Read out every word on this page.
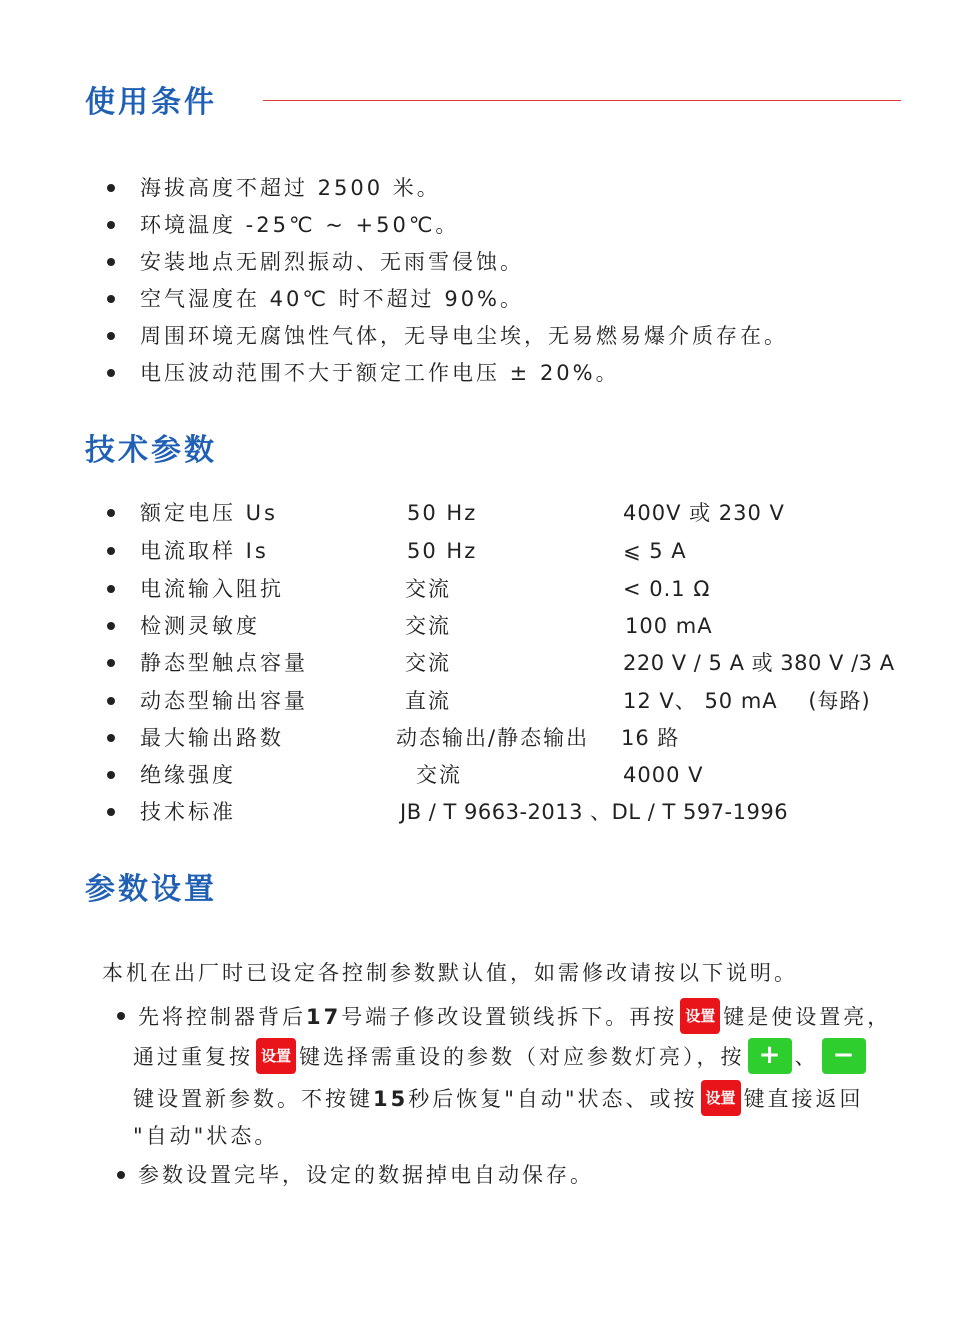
使用条件
海拔高度不超过 2500 米。
环境温度 -25℃ ~ +50℃。
安装地点无剧烈振动、无雨雪侵蚀。
空气湿度在 40℃ 时不超过 90%。
周围环境无腐蚀性气体，无导电尘埃，无易燃易爆介质存在。
电压波动范围不大于额定工作电压 ± 20%。
技术参数
额定电压 Us	50 Hz	400V 或 230 V
电流取样 Is	50 Hz	⩽ 5 A
电流输入阻抗	交流	< 0.1 Ω
检测灵敏度	交流	100 mA
静态型触点容量	交流	220 V / 5 A 或 380 V /3 A
动态型输出容量	直流	12 V、 50 mA    (每路)
最大输出路数	动态输出/静态输出 16 路
绝缘强度	交流	4000 V
技术标准	JB / T 9663-2013 、DL / T 597-1996
参数设置

本机在出厂时已设定各控制参数默认值，如需修改请按以下说明。

先将控制器背后17号端子修改设置锁线拆下。再按 设置 键是使设置亮，
通过重复按 设置 键选择需重设的参数（对应参数灯亮），按 + 、 −
键设置新参数。不按键15秒后恢复"自动"状态、或按 设置 键直接返回
"自动"状态。
参数设置完毕，设定的数据掉电自动保存。
